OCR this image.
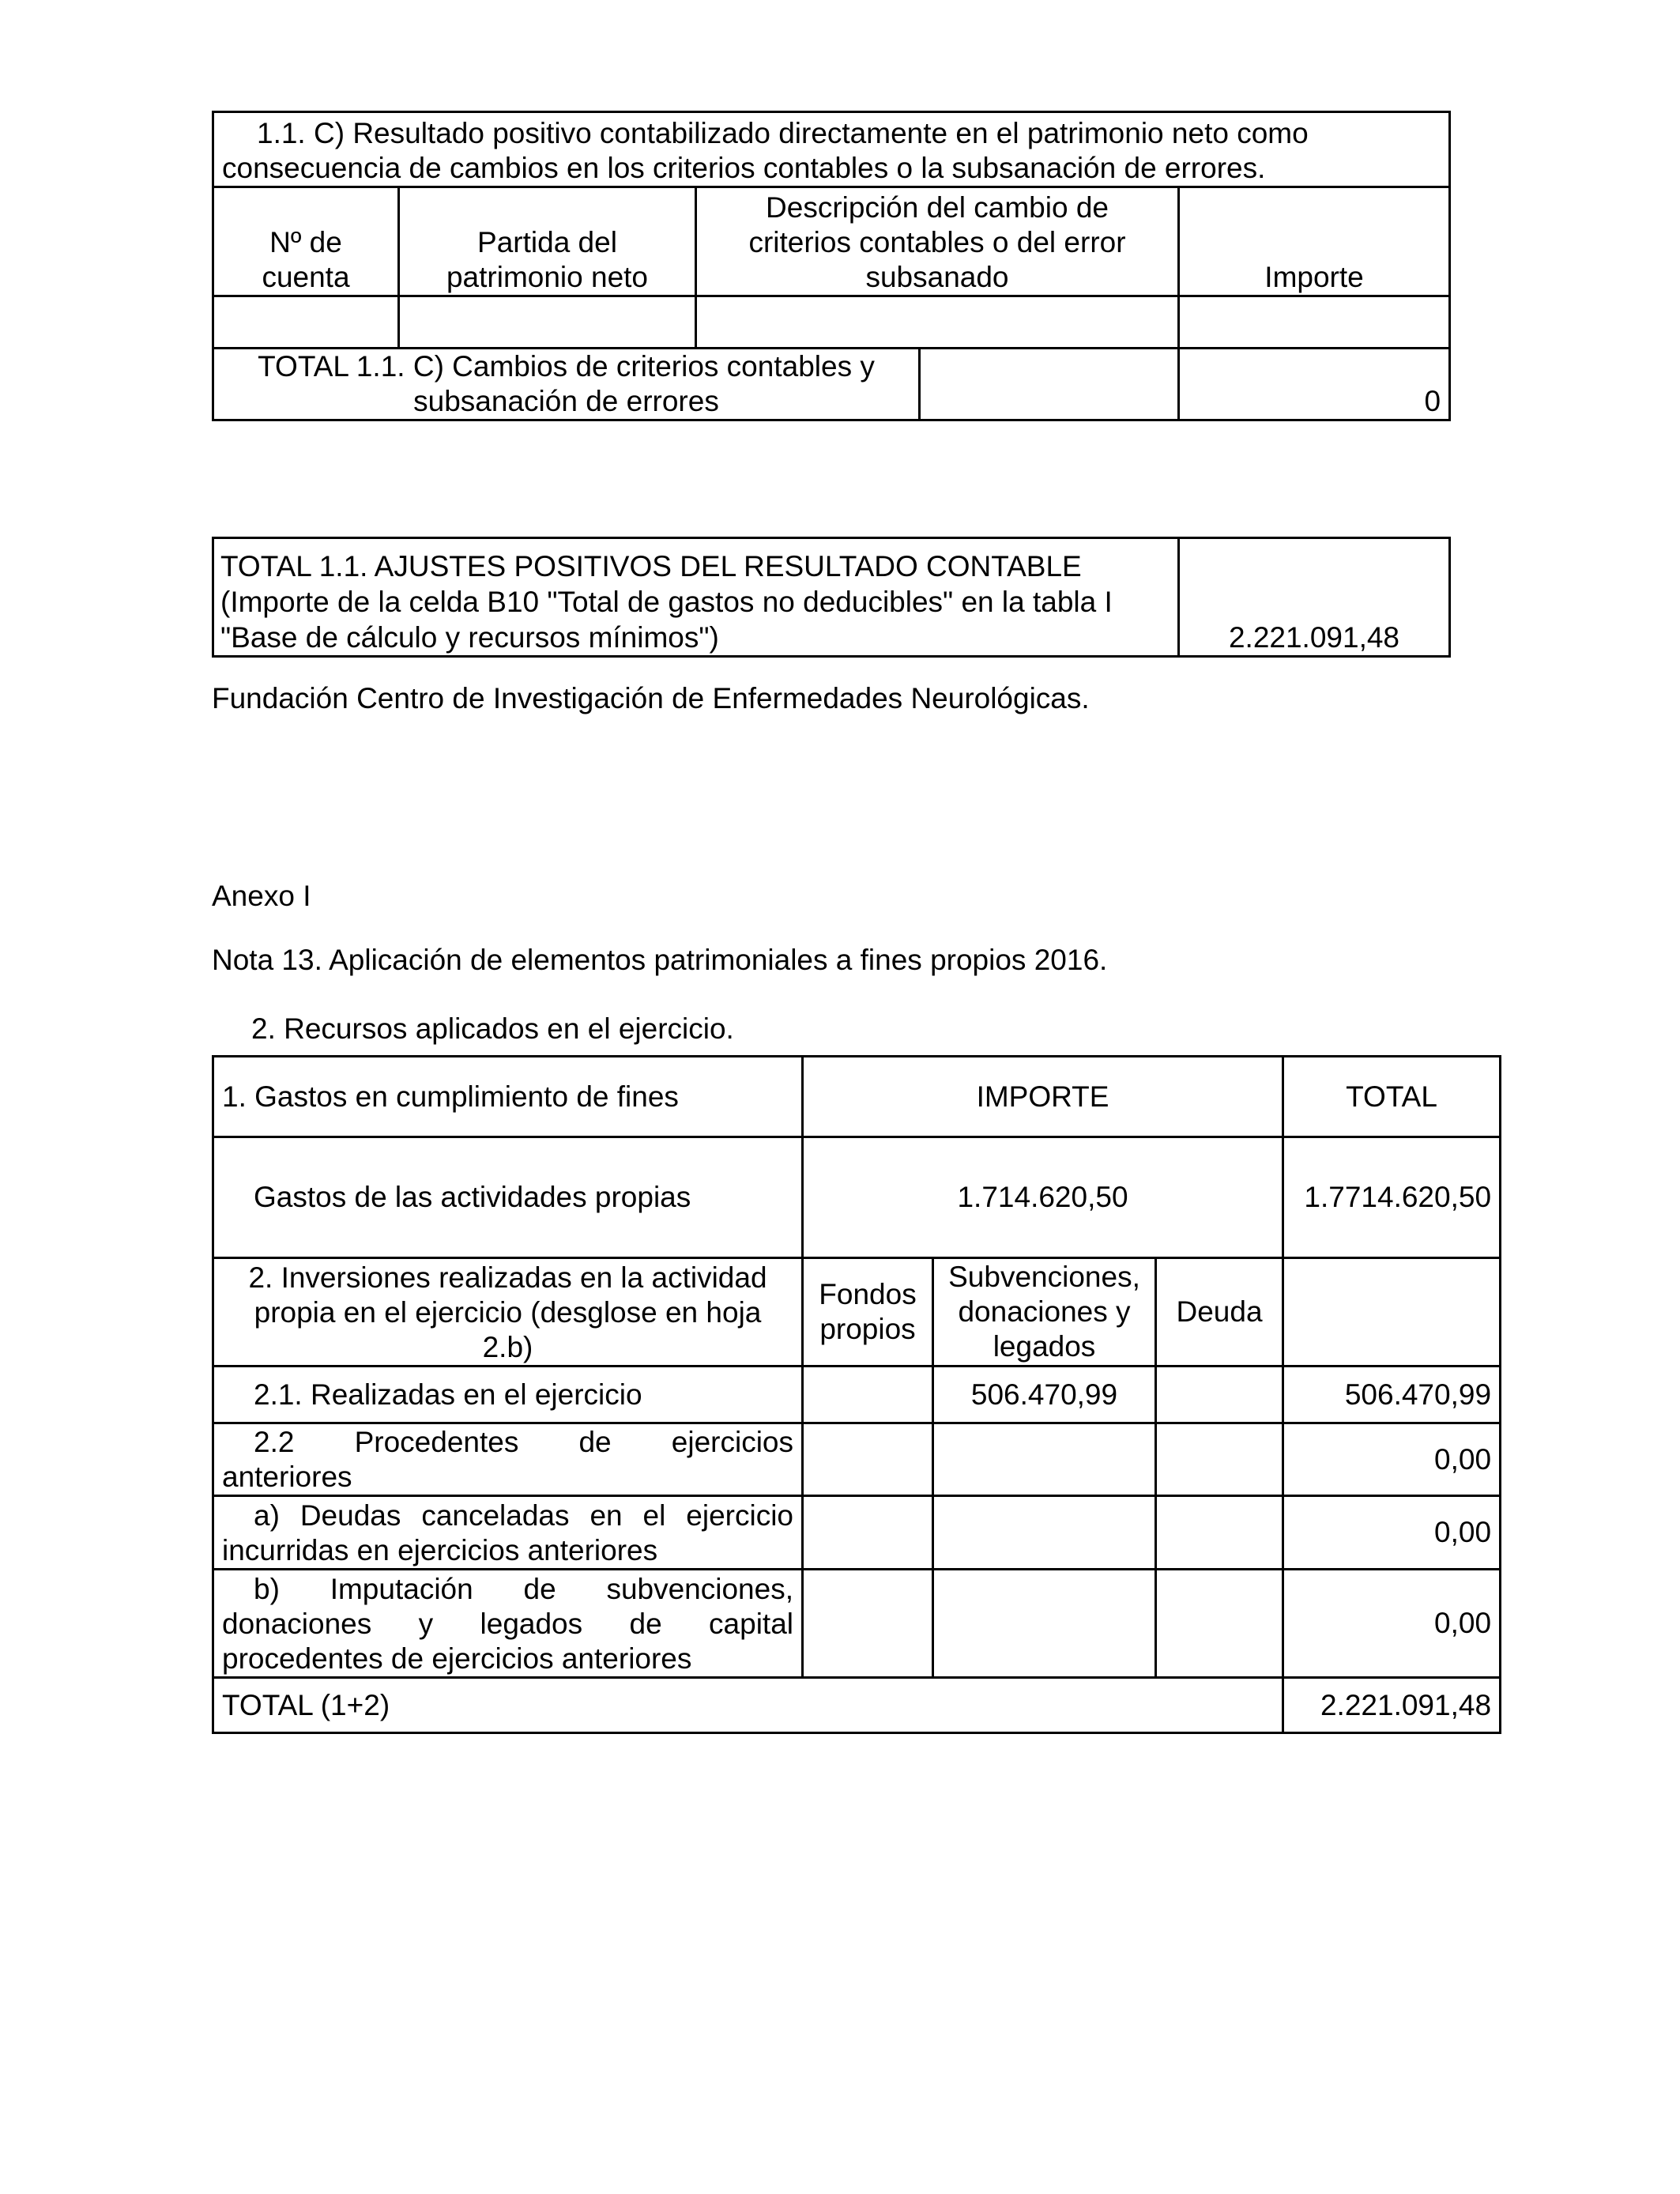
1.1. C) Resultado positivo contabilizado directamente en el patrimonio neto como
consecuencia de cambios en los criterios contables o la subsanación de errores.				

Nº de cuenta	Partida del patrimonio neto	Descripción del cambio de criterios contables o del error subsanado		Importe

TOTAL 1.1. C) Cambios de criterios contables y subsanación de errores				0
TOTAL 1.1. AJUSTES POSITIVOS DEL RESULTADO CONTABLE (Importe de la celda B10 "Total de gastos no deducibles" en la tabla I "Base de cálculo y recursos mínimos")	2.221.091,48

Fundación Centro de Investigación de Enfermedades Neurológicas.

Anexo I

Nota 13. Aplicación de elementos patrimoniales a fines propios 2016.

2. Recursos aplicados en el ejercicio.

1. Gastos en cumplimiento de fines	IMPORTE			TOTAL
Gastos de las actividades propias	1.714.620,50			1.7714.620,50
2. Inversiones realizadas en la actividad propia en el ejercicio (desglose en hoja 2.b)	Fondos propios	Subvenciones, donaciones y legados	Deuda	
2.1. Realizadas en el ejercicio		506.470,99		506.470,99

2.2 Procedentes de ejercicios
anteriores				0,00

a) Deudas canceladas en el ejercicio
incurridas en ejercicios anteriores				0,00

b) Imputación de subvenciones,
donaciones y legados de capital
procedentes de ejercicios anteriores				0,00
TOTAL (1+2)				2.221.091,48
